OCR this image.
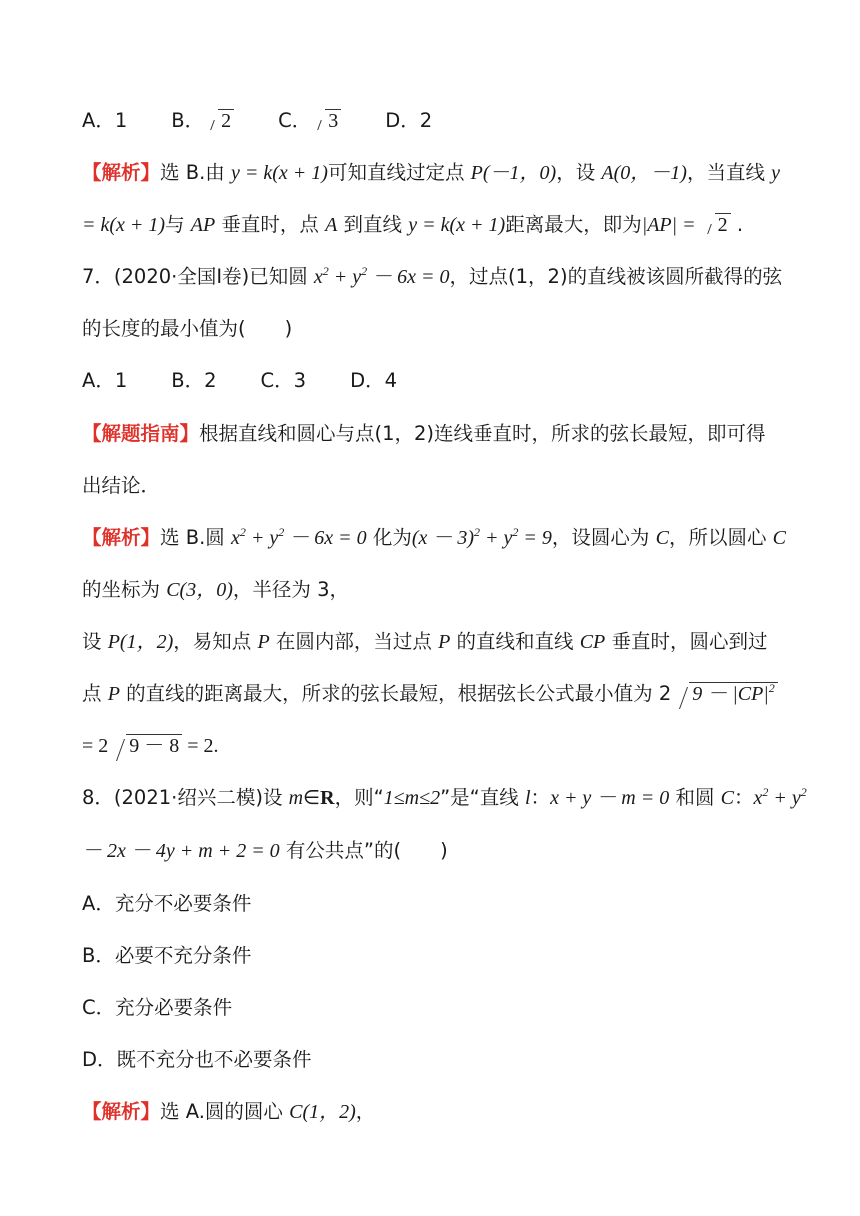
A．1 B． 2 C． 3 D．2
【解析】选 B.由 y = k(x + 1)可知直线过定点 P(－1，0)，设 A(0，－1)，当直线 y
= k(x + 1)与 AP 垂直时，点 A 到直线 y = k(x + 1)距离最大，即为|AP| = 2 .
7．(2020·全国Ⅰ卷)已知圆 $x^2 + y^2 - 6x = 0$，过点(1，2)的直线被该圆所截得的弦
的长度的最小值为(　　)
A．1 B．2 C．3 D．4
【解题指南】根据直线和圆心与点(1，2)连线垂直时，所求的弦长最短，即可得
出结论．
【解析】选 B.圆 $x^2 + y^2 - 6x = 0$ 化为$(x - 3)^2 + y^2 = 9$，设圆心为 C，所以圆心 C
的坐标为 C(3，0)，半径为 3，
设 P(1，2)，易知点 P 在圆内部，当过点 P 的直线和直线 CP 垂直时，圆心到过
点 P 的直线的距离最大，所求的弦长最短，根据弦长公式最小值为 2 $9 - |CP|^2$
= 2 9 － 8 = 2.
8．(2021·绍兴二模)设 m∈R，则“1≤m≤2”是“直线 l：x + y － m = 0 和圆 C：$x^2 + y^2$
－ 2x － 4y + m + 2 = 0 有公共点”的(　　)
A．充分不必要条件
B．必要不充分条件
C．充分必要条件
D．既不充分也不必要条件
【解析】选 A.圆的圆心 C(1，2)，
